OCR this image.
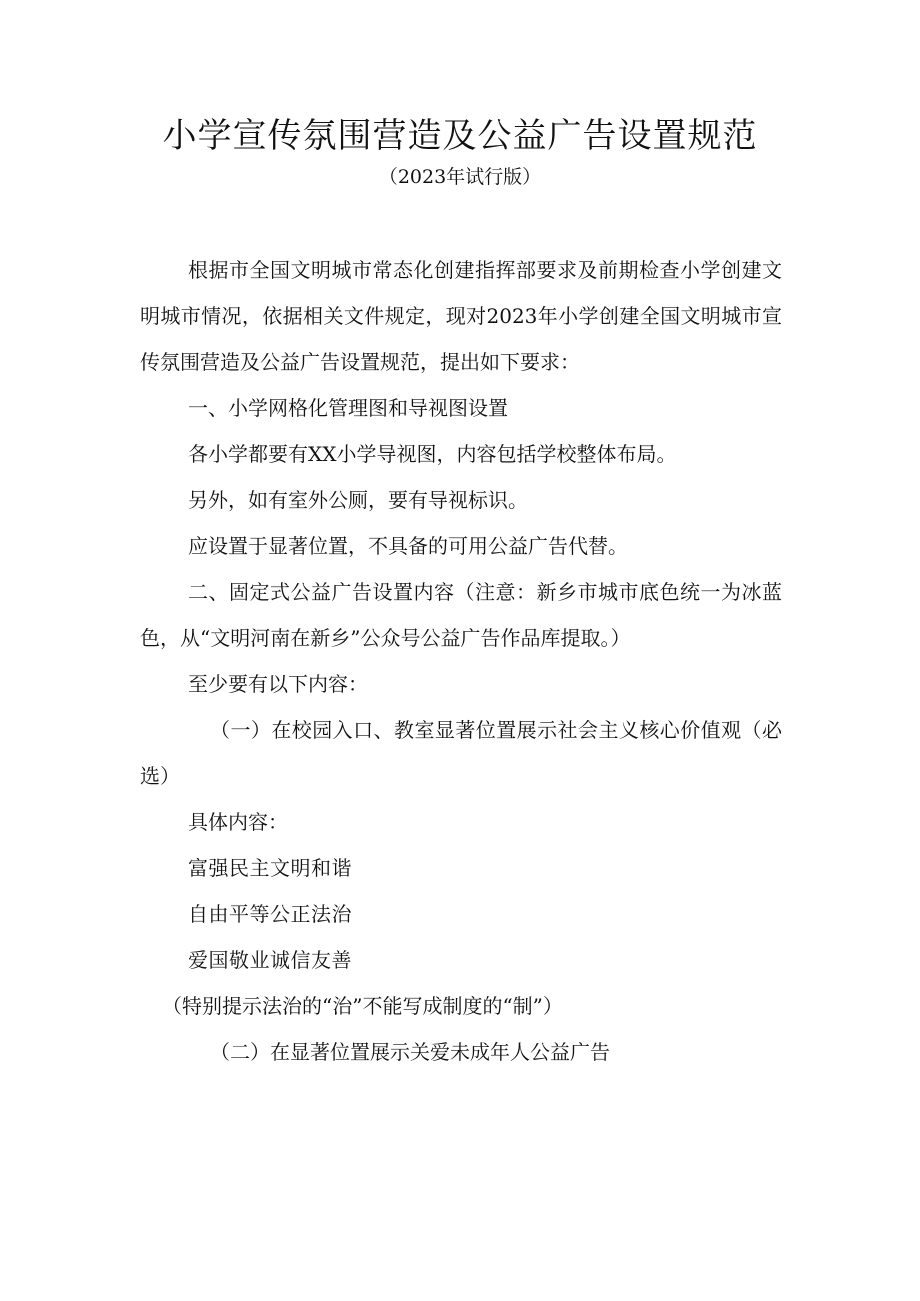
小学宣传氛围营造及公益广告设置规范
（2023年试行版）

根据市全国文明城市常态化创建指挥部要求及前期检查小学创建文明城市情况，依据相关文件规定，现对2023年小学创建全国文明城市宣传氛围营造及公益广告设置规范，提出如下要求：

一、小学网格化管理图和导视图设置

各小学都要有XX小学导视图，内容包括学校整体布局。

另外，如有室外公厕，要有导视标识。

应设置于显著位置，不具备的可用公益广告代替。

二、固定式公益广告设置内容（注意：新乡市城市底色统一为冰蓝色，从“文明河南在新乡”公众号公益广告作品库提取。）

至少要有以下内容：

（一）在校园入口、教室显著位置展示社会主义核心价值观（必选）

具体内容：

富强民主文明和谐

自由平等公正法治

爱国敬业诚信友善

（特别提示法治的“治”不能写成制度的“制”）

（二）在显著位置展示关爱未成年人公益广告
